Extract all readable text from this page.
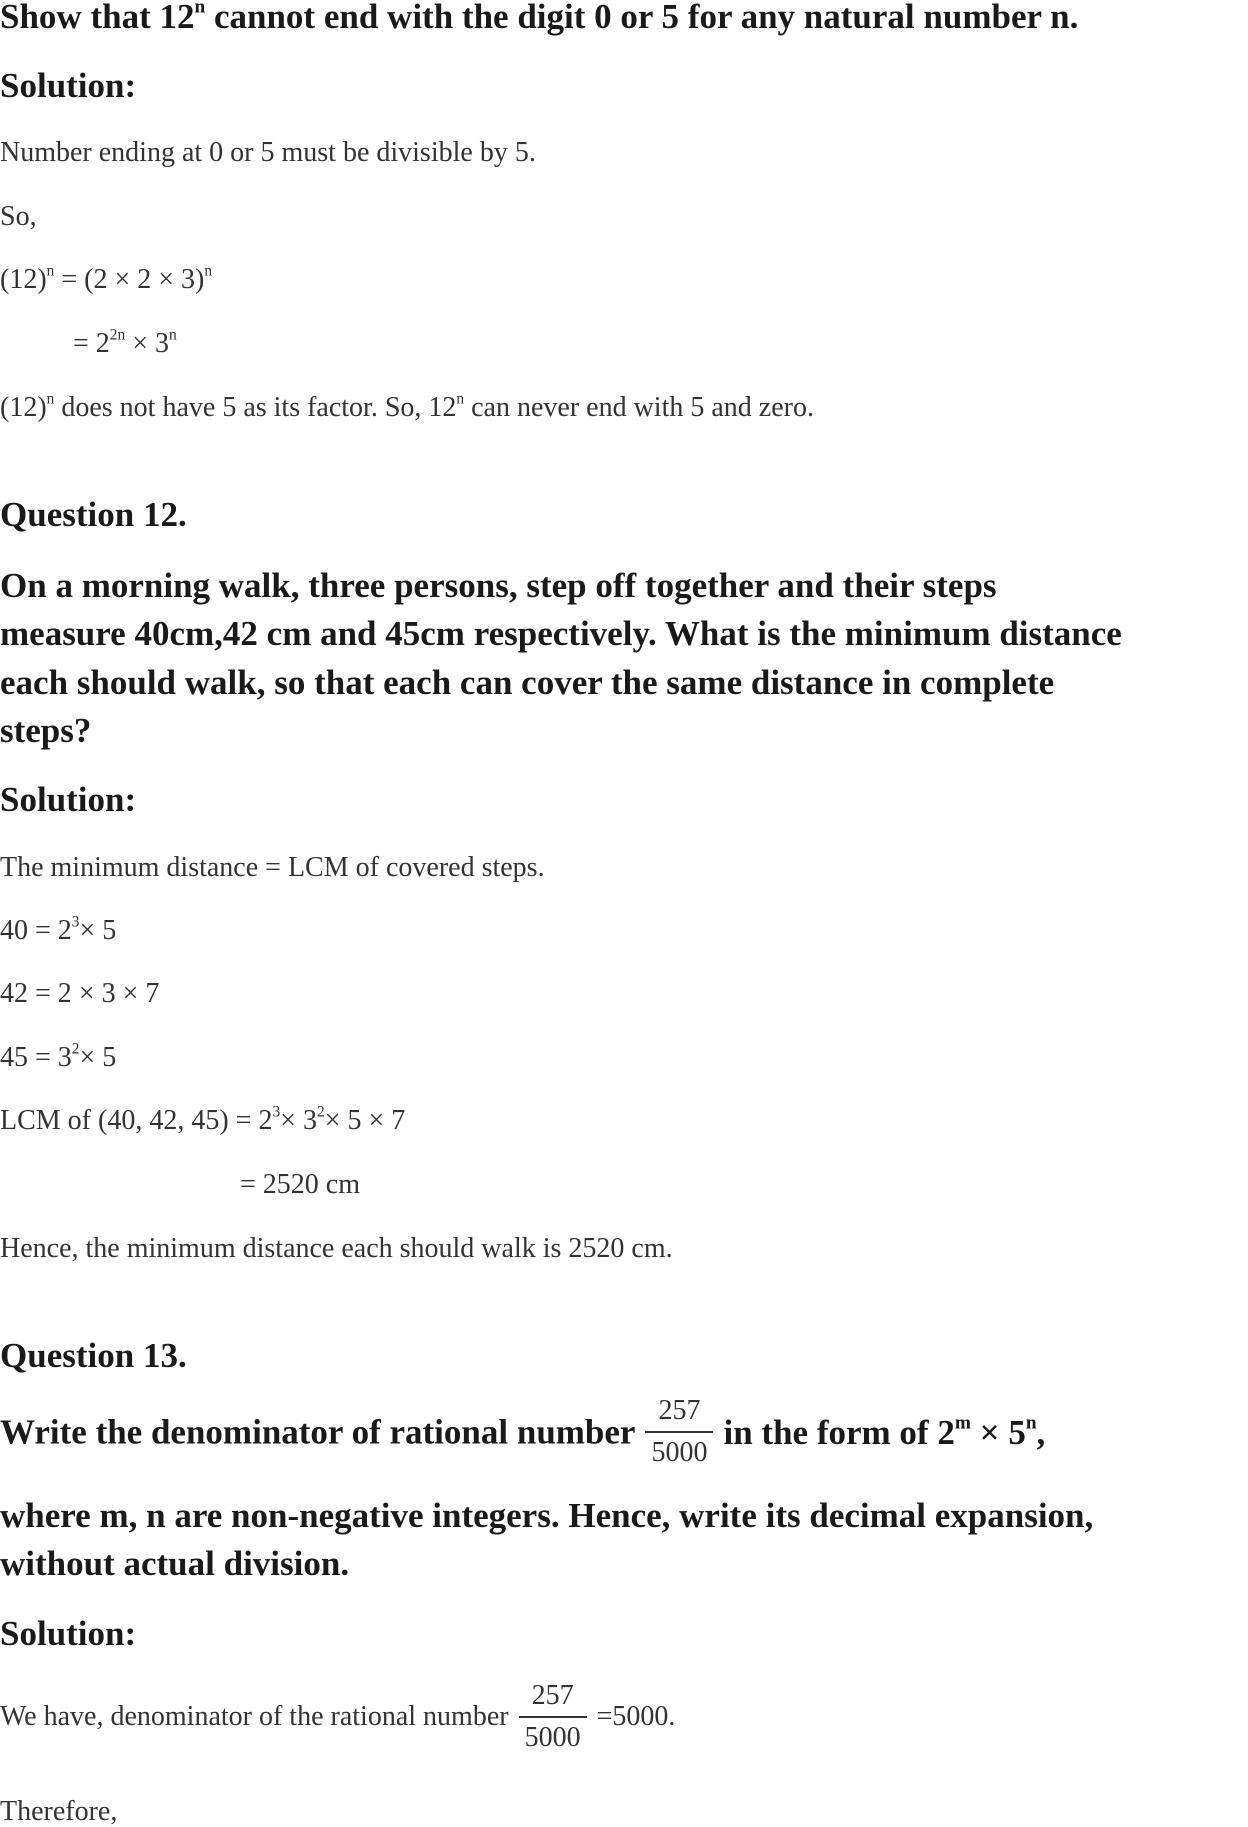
Show that 12$^n$ cannot end with the digit 0 or 5 for any natural number n.
Solution:
Number ending at 0 or 5 must be divisible by 5.
So,
$(12)^n = (2 \times 2 \times 3)^n$
= $2^{2n} \times 3^n$
$(12)^n$ does not have 5 as its factor. So, 12$^n$ can never end with 5 and zero.
Question 12.
On a morning walk, three persons, step off together and their steps
measure 40cm,42 cm and 45cm respectively. What is the minimum distance
each should walk, so that each can cover the same distance in complete
steps?
Solution:
The minimum distance = LCM of covered steps.
$40 = 2^3\times 5$
42 = 2 × 3 × 7
$45 = 3^2\times 5$
LCM of (40, 42, $45) = 2^3\times 3^2\times 5 \times 7$
= 2520 cm
Hence, the minimum distance each should walk is 2520 cm.
Question 13.
Write the denominator of rational number $\frac{257}{5000}$ in the form of $2^m \times 5^n$,
where m, n are non-negative integers. Hence, write its decimal expansion,
without actual division.
Solution:
We have, denominator of the rational number $\frac{257}{5000} =5000$.
Therefore,
